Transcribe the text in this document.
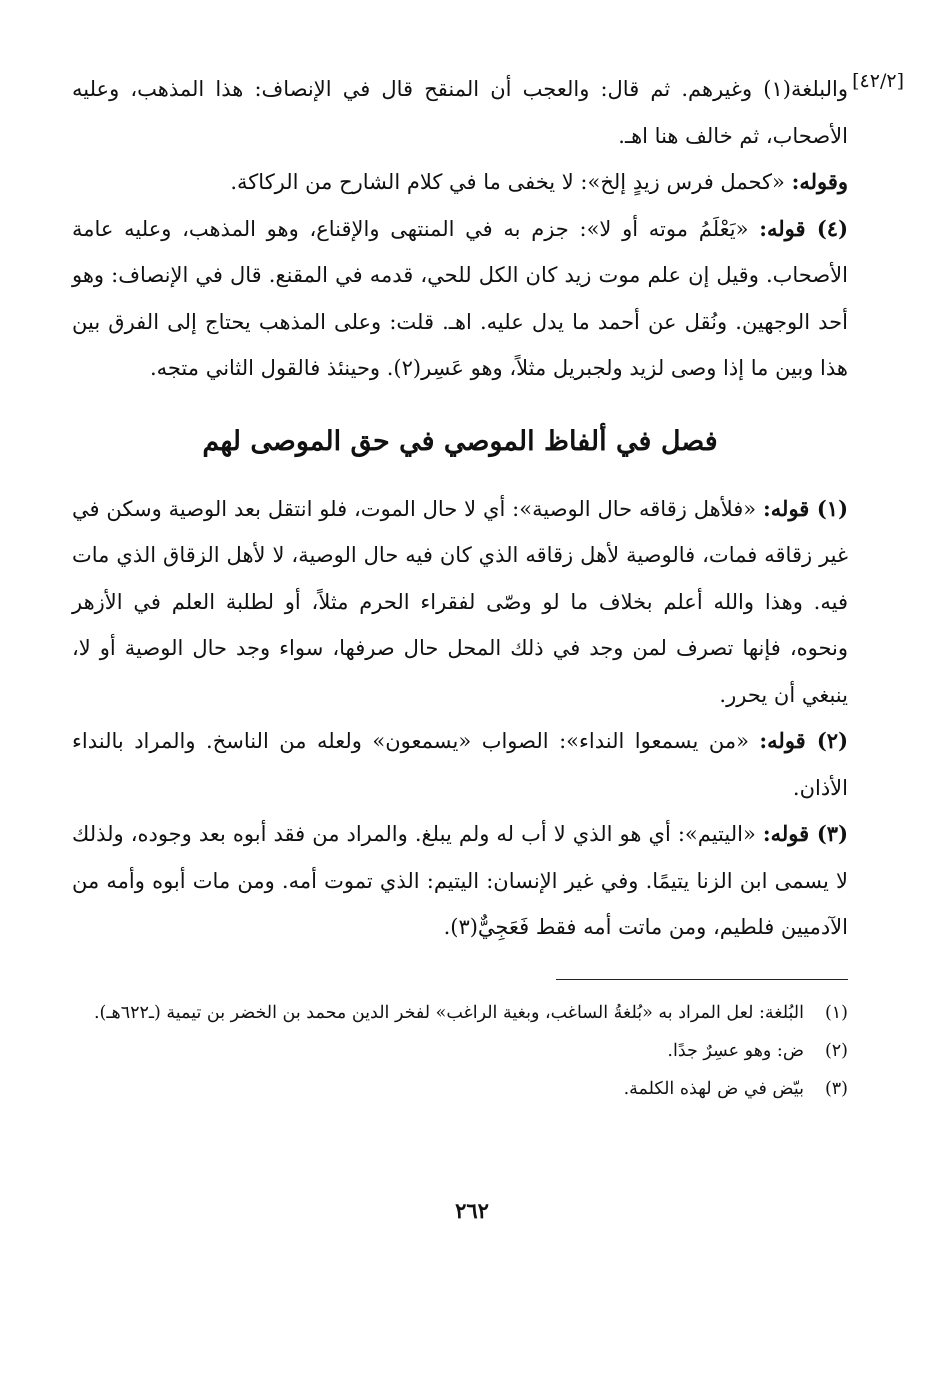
[٤٢/٢]

والبلغة(١) وغيرهم. ثم قال: والعجب أن المنقح قال في الإنصاف: هذا المذهب، وعليه الأصحاب، ثم خالف هنا اهـ.

وقوله: «كحمل فرس زيدٍ إلخ»: لا يخفى ما في كلام الشارح من الركاكة.

(٤) قوله: «يَعْلَمُ موته أو لا»: جزم به في المنتهى والإقناع، وهو المذهب، وعليه عامة الأصحاب. وقيل إن علم موت زيد كان الكل للحي، قدمه في المقنع. قال في الإنصاف: وهو أحد الوجهين. ونُقل عن أحمد ما يدل عليه. اهـ. قلت: وعلى المذهب يحتاج إلى الفرق بين هذا وبين ما إذا وصى لزيد ولجبريل مثلاً، وهو عَسِر(٢). وحينئذ فالقول الثاني متجه.

فصل في ألفاظ الموصي في حق الموصى لهم

(١) قوله: «فلأهل زقاقه حال الوصية»: أي لا حال الموت، فلو انتقل بعد الوصية وسكن في غير زقاقه فمات، فالوصية لأهل زقاقه الذي كان فيه حال الوصية، لا لأهل الزقاق الذي مات فيه. وهذا والله أعلم بخلاف ما لو وصّى لفقراء الحرم مثلاً، أو لطلبة العلم في الأزهر ونحوه، فإنها تصرف لمن وجد في ذلك المحل حال صرفها، سواء وجد حال الوصية أو لا، ينبغي أن يحرر.

(٢) قوله: «من يسمعوا النداء»: الصواب «يسمعون» ولعله من الناسخ. والمراد بالنداء الأذان.

(٣) قوله: «اليتيم»: أي هو الذي لا أب له ولم يبلغ. والمراد من فقد أبوه بعد وجوده، ولذلك لا يسمى ابن الزنا يتيمًا. وفي غير الإنسان: اليتيم: الذي تموت أمه. ومن مات أبوه وأمه من الآدميين فلطيم، ومن ماتت أمه فقط فَعَجِيٌّ(٣).

(١)
البُلغة: لعل المراد به «بُلغةُ الساغب، وبغية الراغب» لفخر الدين محمد بن الخضر بن تيمية (ـ٦٢٢هـ).
(٢)
ض: وهو عسِرٌ جدًا.
(٣)
بيّض في ض لهذه الكلمة.
٢٦٢
